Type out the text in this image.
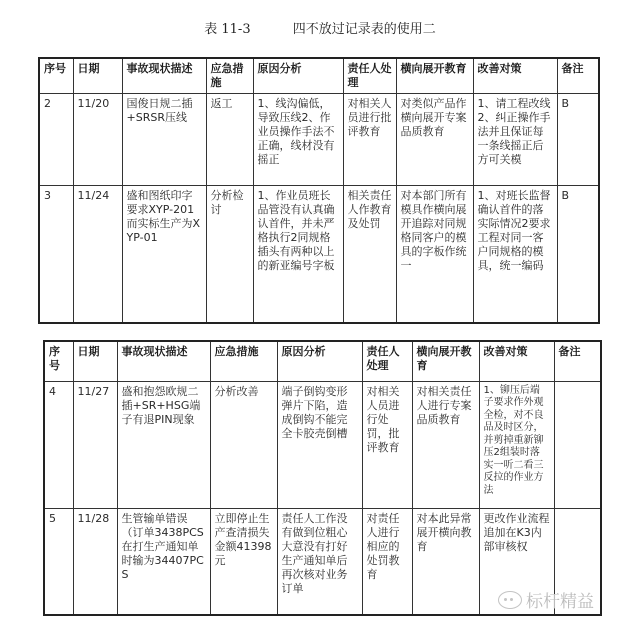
表 11-3	四不放过记录表的使用二
序号	日期	事故现状描述	应急措施	原因分析	责任人处理	横向展开教育	改善对策	备注
2	11/20	国俊日规二插+SRSR压线	返工	1、线沟偏低，导致压线2、作业员操作手法不正确，线材没有摇正	对相关人员进行批评教育	对类似产品作横向展开专案品质教育	1、请工程改线2、纠正操作手法并且保证每一条线摇正后方可关模	B
3	11/24	盛和图纸印字要求XYP-201而实标生产为XYP-01	分析检讨	1、作业员班长品管没有认真确认首件，并未严格执行2同规格插头有两种以上的新亚编号字板	相关责任人作教育及处罚	对本部门所有模具作横向展开追踪对同规格同客户的模具的字板作统一	1、对班长监督确认首件的落实际情况2要求工程对同一客户同规格的模具，统一编码	B
序号	日期	事故现状描述	应急措施	原因分析	责任人处理	横向展开教育	改善对策	备注
4	11/27	盛和抱怨欧规二插+SR+HSG端子有退PIN现象	分析改善	端子倒钩变形弹片下陷，造成倒钩不能完全卡胶壳倒槽	对相关人员进行处罚，批评教育	对相关责任人进行专案品质教育	1、铆压后端子要求作外观全检，对不良品及时区分，并剪掉重新铆压2组装时落实一听二看三反拉的作业方法	
5	11/28	生管输单错误（订单3438PCS在打生产通知单时输为34407PCS	立即停止生产查清损失金额41398元	责任人工作没有做到位粗心大意没有打好生产通知单后再次核对业务订单	对责任人进行相应的处罚教育	对本此异常展开横向教育	更改作业流程追加在K3内部审核权	
标杆精益
